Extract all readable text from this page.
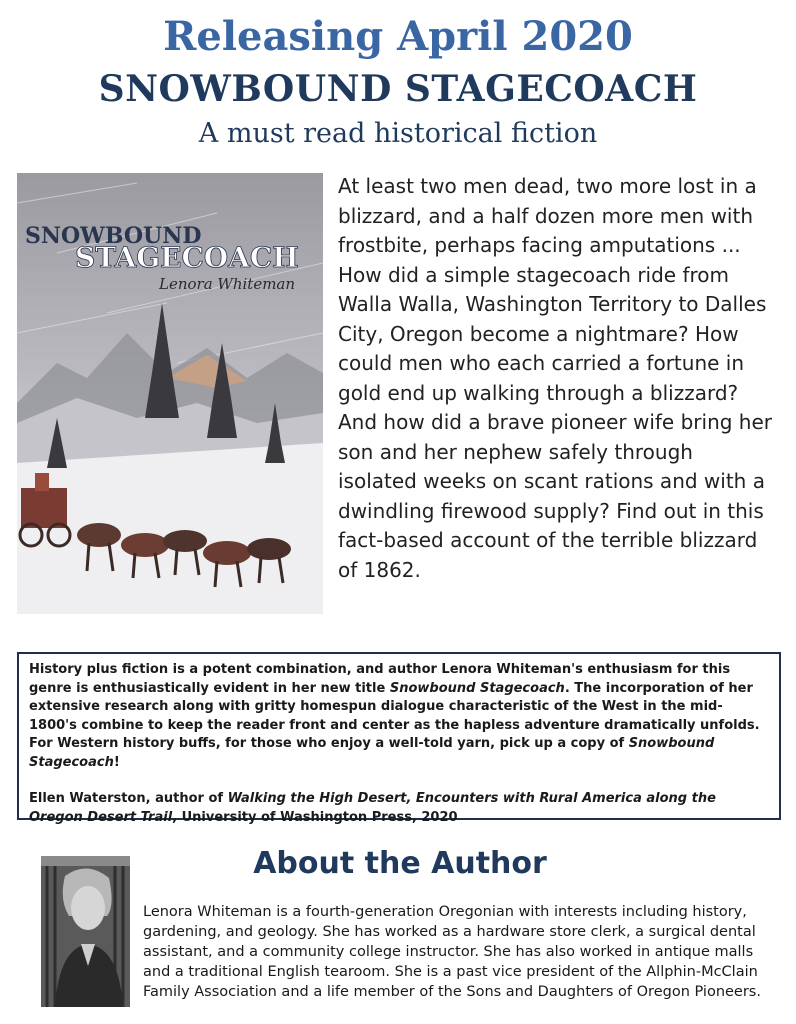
Releasing April 2020
SNOWBOUND STAGECOACH
A must read historical fiction
SNOWBOUND
STAGECOACH
Lenora Whiteman
At least two men dead, two more lost in a blizzard, and a half dozen more men with frostbite, perhaps facing amputations ...
How did a simple stagecoach ride from Walla Walla, Washington Territory to Dalles City, Oregon become a nightmare? How could men who each carried a fortune in gold end up walking through a blizzard? And how did a brave pioneer wife bring her son and her nephew safely through isolated weeks on scant rations and with a dwindling firewood supply? Find out in this fact-based account of the terrible blizzard of 1862.

History plus fiction is a potent combination, and author Lenora Whiteman's enthusiasm for this genre is enthusiastically evident in her new title Snowbound Stagecoach. The incorporation of her extensive research along with gritty homespun dialogue characteristic of the West in the mid-1800's combine to keep the reader front and center as the hapless adventure dramatically unfolds. For Western history buffs, for those who enjoy a well-told yarn, pick up a copy of Snowbound Stagecoach!

Ellen Waterston, author of Walking the High Desert, Encounters with Rural America along the Oregon Desert Trail, University of Washington Press, 2020

About the Author
Lenora Whiteman is a fourth-generation Oregonian with interests including history, gardening, and geology. She has worked as a hardware store clerk, a surgical dental assistant, and a community college instructor. She has also worked in antique malls and a traditional English tearoom. She is a past vice president of the Allphin-McClain Family Association and a life member of the Sons and Daughters of Oregon Pioneers.
